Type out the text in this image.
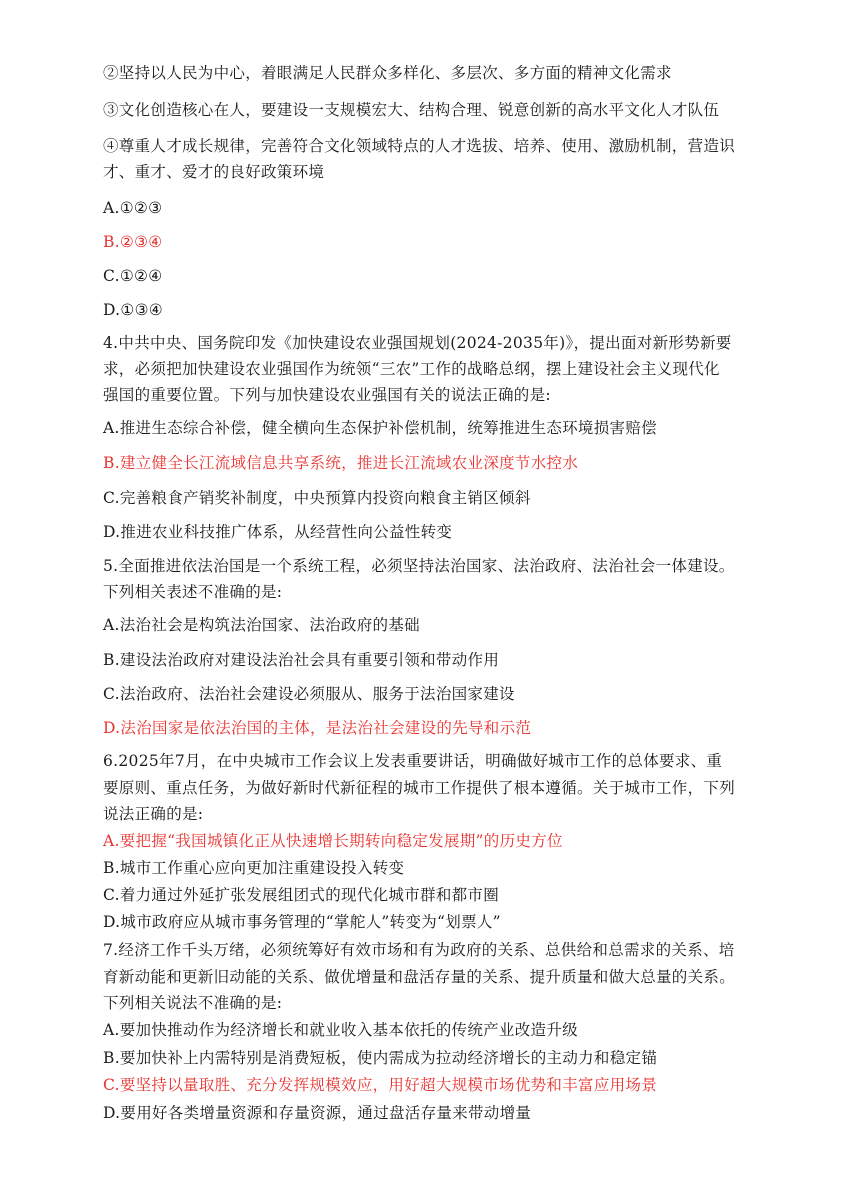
②坚持以人民为中心，着眼满足人民群众多样化、多层次、多方面的精神文化需求
③文化创造核心在人，要建设一支规模宏大、结构合理、锐意创新的高水平文化人才队伍
④尊重人才成长规律，完善符合文化领域特点的人才选拔、培养、使用、激励机制，营造识
才、重才、爱才的良好政策环境
A.①②③
B.②③④
C.①②④
D.①③④
4.中共中央、国务院印发《加快建设农业强国规划(2024-2035年)》，提出面对新形势新要
求，必须把加快建设农业强国作为统领“三农”工作的战略总纲，摆上建设社会主义现代化
强国的重要位置。下列与加快建设农业强国有关的说法正确的是:
A.推进生态综合补偿，健全横向生态保护补偿机制，统筹推进生态环境损害赔偿
B.建立健全长江流域信息共享系统，推进长江流域农业深度节水控水
C.完善粮食产销奖补制度，中央预算内投资向粮食主销区倾斜
D.推进农业科技推广体系，从经营性向公益性转变
5.全面推进依法治国是一个系统工程，必须坚持法治国家、法治政府、法治社会一体建设。
下列相关表述不准确的是:
A.法治社会是构筑法治国家、法治政府的基础
B.建设法治政府对建设法治社会具有重要引领和带动作用
C.法治政府、法治社会建设必须服从、服务于法治国家建设
D.法治国家是依法治国的主体，是法治社会建设的先导和示范
6.2025年7月，在中央城市工作会议上发表重要讲话，明确做好城市工作的总体要求、重
要原则、重点任务，为做好新时代新征程的城市工作提供了根本遵循。关于城市工作，下列
说法正确的是:
A.要把握“我国城镇化正从快速增长期转向稳定发展期”的历史方位
B.城市工作重心应向更加注重建设投入转变
C.着力通过外延扩张发展组团式的现代化城市群和都市圈
D.城市政府应从城市事务管理的“掌舵人”转变为“划票人”
7.经济工作千头万绪，必须统筹好有效市场和有为政府的关系、总供给和总需求的关系、培
育新动能和更新旧动能的关系、做优增量和盘活存量的关系、提升质量和做大总量的关系。
下列相关说法不准确的是:
A.要加快推动作为经济增长和就业收入基本依托的传统产业改造升级
B.要加快补上内需特别是消费短板，使内需成为拉动经济增长的主动力和稳定锚
C.要坚持以量取胜、充分发挥规模效应，用好超大规模市场优势和丰富应用场景
D.要用好各类增量资源和存量资源，通过盘活存量来带动增量
